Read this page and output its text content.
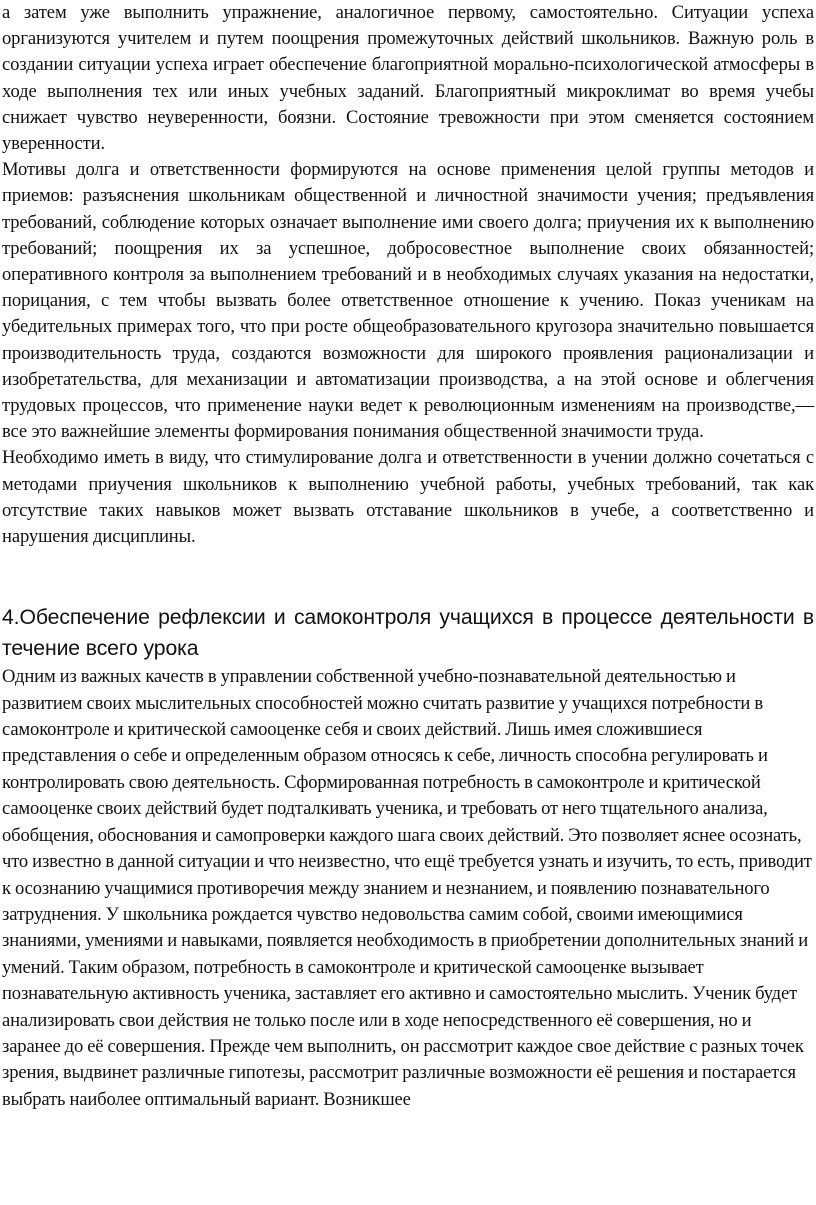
а затем уже выполнить упражнение, аналогичное первому, самостоятельно. Ситуации успеха организуются учителем и путем поощрения промежуточных действий школьников. Важную роль в создании ситуации успеха играет обеспечение благоприятной морально-психологической атмосферы в ходе выполнения тех или иных учебных заданий. Благоприятный микроклимат во время учебы снижает чувство неуверенности, боязни. Состояние тревожности при этом сменяется состоянием уверенности.

Мотивы долга и ответственности формируются на основе применения целой группы методов и приемов: разъяснения школьникам общественной и личностной значимости учения; предъявления требований, соблюдение которых означает выполнение ими своего долга; приучения их к выполнению требований; поощрения их за успешное, добросовестное выполнение своих обязанностей; оперативного контроля за выполнением требований и в необходимых случаях указания на недостатки, порицания, с тем чтобы вызвать более ответственное отношение к учению. Показ ученикам на убедительных примерах того, что при росте общеобразовательного кругозора значительно повышается производительность труда, создаются возможности для широкого проявления рационализации и изобретательства, для механизации и автоматизации производства, а на этой основе и облегчения трудовых процессов, что применение науки ведет к революционным изменениям на производстве,— все это важнейшие элементы формирования понимания общественной значимости труда.

Необходимо иметь в виду, что стимулирование долга и ответственности в учении должно сочетаться с методами приучения школьников к выполнению учебной работы, учебных требований, так как отсутствие таких навыков может вызвать отставание школьников в учебе, а соответственно и нарушения дисциплины.

4.Обеспечение рефлексии и самоконтроля учащихся в процессе деятельности в течение всего урока

Одним из важных качеств в управлении собственной учебно-познавательной деятельностью и развитием своих мыслительных способностей можно считать развитие у учащихся потребности в самоконтроле и критической самооценке себя и своих действий. Лишь имея сложившиеся представления о себе и определенным образом относясь к себе, личность способна регулировать и контролировать свою деятельность. Сформированная потребность в самоконтроле и критической самооценке своих действий будет подталкивать ученика, и требовать от него тщательного анализа, обобщения, обоснования и самопроверки каждого шага своих действий. Это позволяет яснее осознать, что известно в данной ситуации и что неизвестно, что ещё требуется узнать и изучить, то есть, приводит к осознанию учащимися противоречия между знанием и незнанием, и появлению познавательного затруднения. У школьника рождается чувство недовольства самим собой, своими имеющимися знаниями, умениями и навыками, появляется необходимость в приобретении дополнительных знаний и умений. Таким образом, потребность в самоконтроле и критической самооценке вызывает познавательную активность ученика, заставляет его активно и самостоятельно мыслить. Ученик будет анализировать свои действия не только после или в ходе непосредственного её совершения, но и заранее до её совершения. Прежде чем выполнить, он рассмотрит каждое свое действие с разных точек зрения, выдвинет различные гипотезы, рассмотрит различные возможности её решения и постарается выбрать наиболее оптимальный вариант. Возникшее
